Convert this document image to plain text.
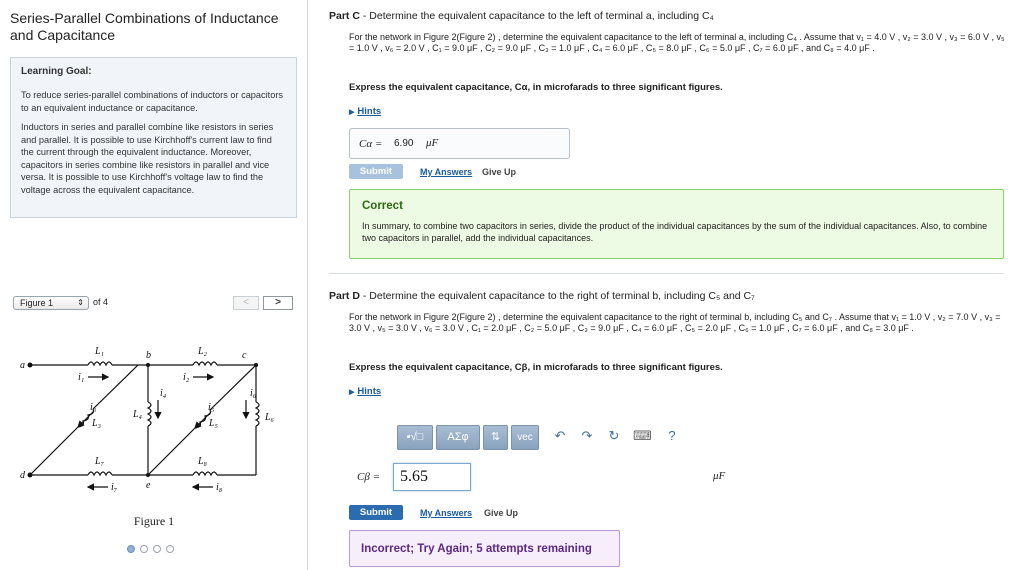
Series-Parallel Combinations of Inductance and Capacitance
Learning Goal:

To reduce series-parallel combinations of inductors or capacitors to an equivalent inductance or capacitance.

Inductors in series and parallel combine like resistors in series and parallel. It is possible to use Kirchhoff's current law to find the current through the equivalent inductance. Moreover, capacitors in series combine like resistors in parallel and vice versa. It is possible to use Kirchhoff's voltage law to find the voltage across the equivalent capacitance.

Figure 1	⇕ of 4	<	>
a
d
b	c
e
L₁	L₂
L₇	L₈
L₄	L₆
L₃	L₅
i₁	i₂
i₃
i₄
i₅
i₆
i₇	i₈
Figure 1
Part C - Determine the equivalent capacitance to the left of terminal a, including C₄
For the network in Figure 2(Figure 2) , determine the equivalent capacitance to the left of terminal a, including C₄ . Assume that v₁ = 4.0 V , v₂ = 3.0 V , v₃ = 6.0 V , v₅ = 1.0 V , v₆ = 2.0 V , C₁ = 9.0 μF , C₂ = 9.0 μF , C₃ = 1.0 μF , C₄ = 6.0 μF , C₅ = 8.0 μF , C₆ = 5.0 μF , C₇ = 6.0 μF , and C₈ = 4.0 μF .
Express the equivalent capacitance, Cα, in microfarads to three significant figures.
▶ Hints
Cα = 6.90 μF
Submit	My Answers Give Up
Correct
In summary, to combine two capacitors in series, divide the product of the individual capacitances by the sum of the individual capacitances. Also, to combine two capacitors in parallel, add the individual capacitances.
Part D - Determine the equivalent capacitance to the right of terminal b, including C₅ and C₇
For the network in Figure 2(Figure 2) , determine the equivalent capacitance to the right of terminal b, including C₅ and C₇ . Assume that v₁ = 1.0 V , v₂ = 7.0 V , v₃ = 3.0 V , v₅ = 3.0 V , v₆ = 3.0 V , C₁ = 2.0 μF , C₂ = 5.0 μF , C₃ = 9.0 μF , C₄ = 6.0 μF , C₅ = 2.0 μF , C₆ = 1.0 μF , C₇ = 6.0 μF , and C₈ = 3.0 μF .
Express the equivalent capacitance, Cβ, in microfarads to three significant figures.
▶ Hints
▪√□	AΣφ	⇅	vec	↶ ↷ ↻ ⌨	?
Cβ =	5.65	μF
Submit	My Answers Give Up
Incorrect; Try Again; 5 attempts remaining
